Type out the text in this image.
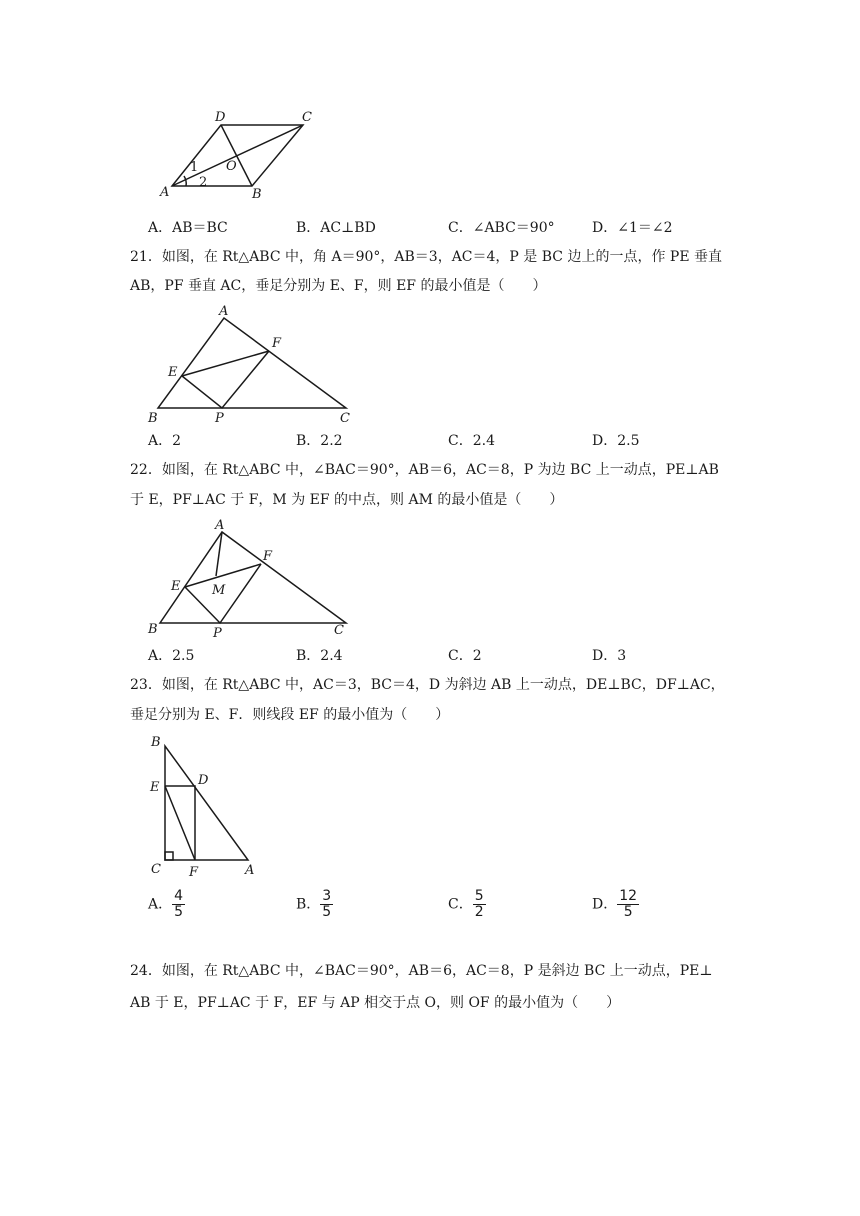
D	C
A	B
O
1
2
A．AB＝BC	B．AC⊥BD	C．∠ABC＝90°	D．∠1＝∠2
21．如图，在 Rt△ABC 中，角 A＝90°，AB＝3，AC＝4，P 是 BC 边上的一点，作 PE 垂直
AB，PF 垂直 AC，垂足分别为 E、F，则 EF 的最小值是（　　）
A
F
E
B	P	C
A．2	B．2.2	C．2.4	D．2.5
22．如图，在 Rt△ABC 中，∠BAC＝90°，AB＝6，AC＝8，P 为边 BC 上一动点，PE⊥AB
于 E，PF⊥AC 于 F，M 为 EF 的中点，则 AM 的最小值是（　　）
A
F
E M
B	P	C
A．2.5	B．2.4	C．2	D．3
23．如图，在 Rt△ABC 中，AC＝3，BC＝4，D 为斜边 AB 上一动点，DE⊥BC，DF⊥AC，
垂足分别为 E、F．则线段 EF 的最小值为（　　）
B
E	D
C F	A
A． $\frac{4}{5}$	B． $\frac{3}{5}$	C． $\frac{5}{2}$	D． $\frac{12}{5}$
24．如图，在 Rt△ABC 中，∠BAC＝90°，AB＝6，AC＝8，P 是斜边 BC 上一动点，PE⊥
AB 于 E，PF⊥AC 于 F，EF 与 AP 相交于点 O，则 OF 的最小值为（　　）
